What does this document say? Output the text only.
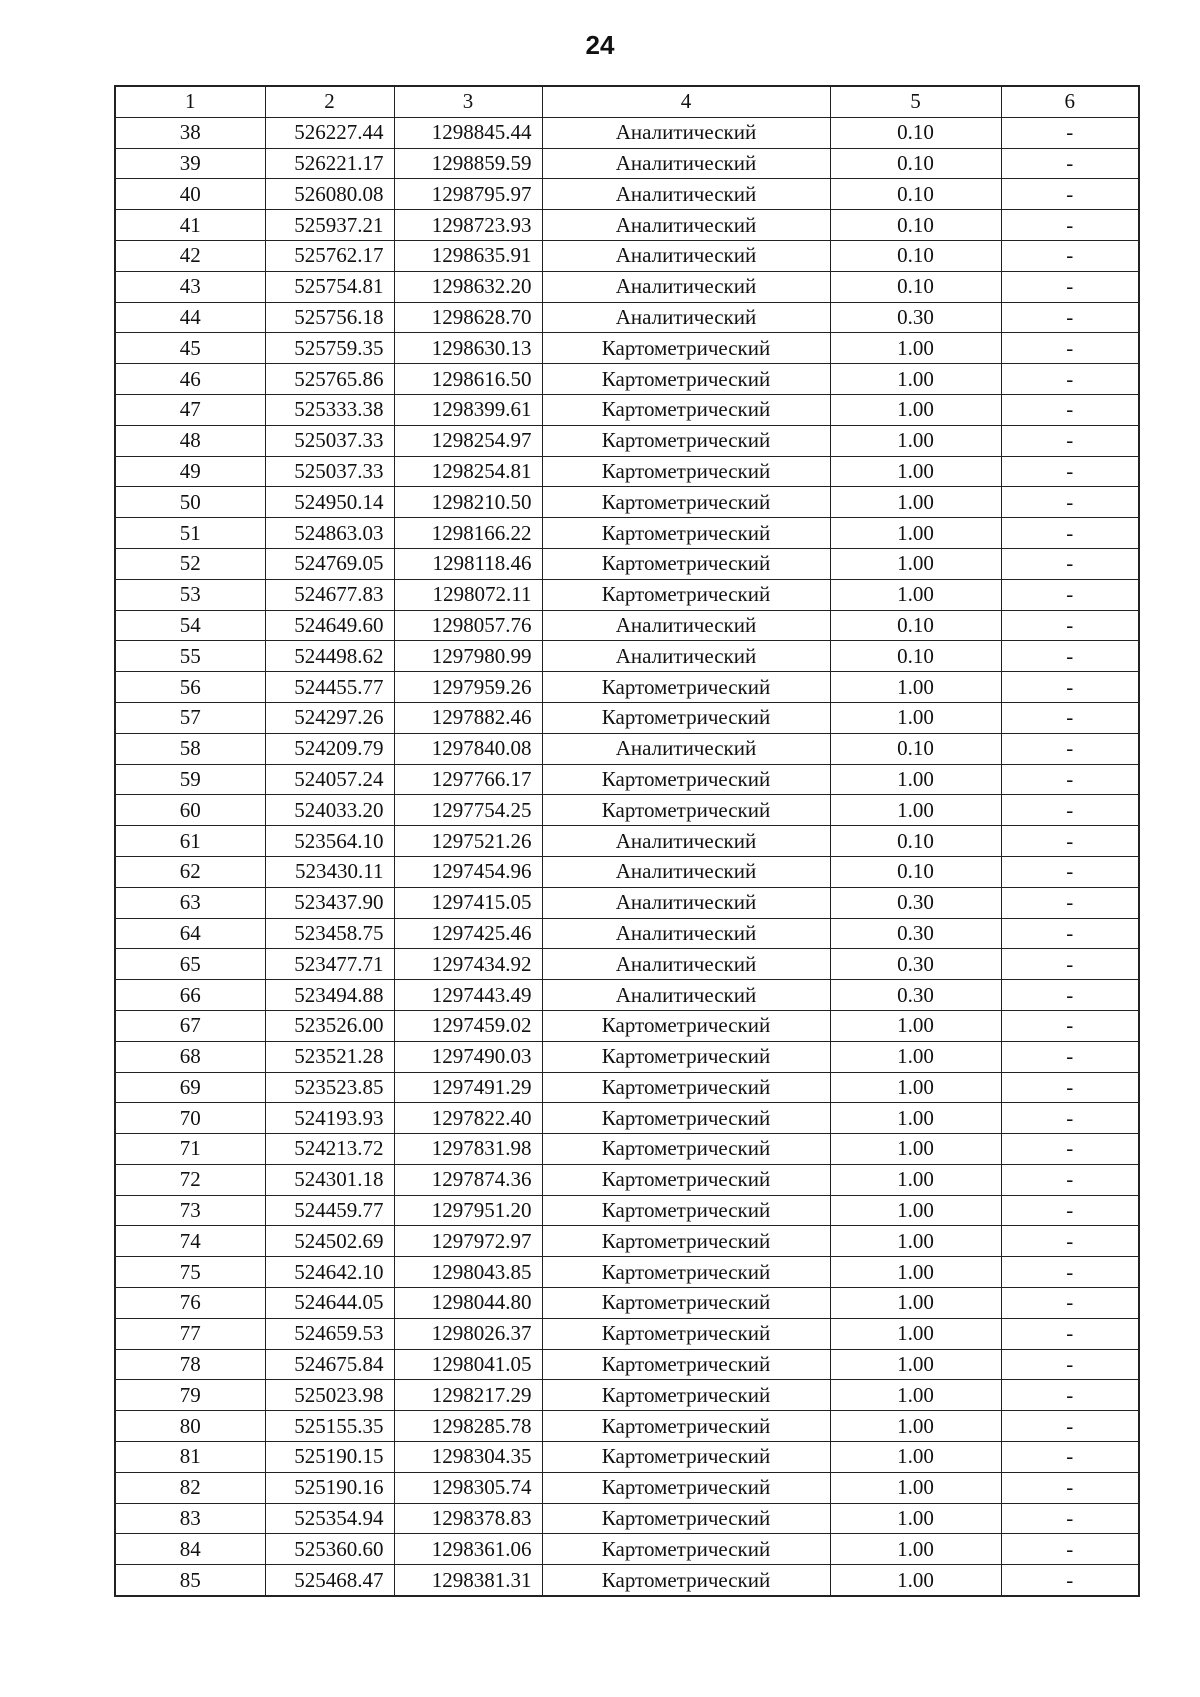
24
1	2	3	4	5	6
38	526227.44	1298845.44	Аналитический	0.10	-
39	526221.17	1298859.59	Аналитический	0.10	-
40	526080.08	1298795.97	Аналитический	0.10	-
41	525937.21	1298723.93	Аналитический	0.10	-
42	525762.17	1298635.91	Аналитический	0.10	-
43	525754.81	1298632.20	Аналитический	0.10	-
44	525756.18	1298628.70	Аналитический	0.30	-
45	525759.35	1298630.13	Картометрический	1.00	-
46	525765.86	1298616.50	Картометрический	1.00	-
47	525333.38	1298399.61	Картометрический	1.00	-
48	525037.33	1298254.97	Картометрический	1.00	-
49	525037.33	1298254.81	Картометрический	1.00	-
50	524950.14	1298210.50	Картометрический	1.00	-
51	524863.03	1298166.22	Картометрический	1.00	-
52	524769.05	1298118.46	Картометрический	1.00	-
53	524677.83	1298072.11	Картометрический	1.00	-
54	524649.60	1298057.76	Аналитический	0.10	-
55	524498.62	1297980.99	Аналитический	0.10	-
56	524455.77	1297959.26	Картометрический	1.00	-
57	524297.26	1297882.46	Картометрический	1.00	-
58	524209.79	1297840.08	Аналитический	0.10	-
59	524057.24	1297766.17	Картометрический	1.00	-
60	524033.20	1297754.25	Картометрический	1.00	-
61	523564.10	1297521.26	Аналитический	0.10	-
62	523430.11	1297454.96	Аналитический	0.10	-
63	523437.90	1297415.05	Аналитический	0.30	-
64	523458.75	1297425.46	Аналитический	0.30	-
65	523477.71	1297434.92	Аналитический	0.30	-
66	523494.88	1297443.49	Аналитический	0.30	-
67	523526.00	1297459.02	Картометрический	1.00	-
68	523521.28	1297490.03	Картометрический	1.00	-
69	523523.85	1297491.29	Картометрический	1.00	-
70	524193.93	1297822.40	Картометрический	1.00	-
71	524213.72	1297831.98	Картометрический	1.00	-
72	524301.18	1297874.36	Картометрический	1.00	-
73	524459.77	1297951.20	Картометрический	1.00	-
74	524502.69	1297972.97	Картометрический	1.00	-
75	524642.10	1298043.85	Картометрический	1.00	-
76	524644.05	1298044.80	Картометрический	1.00	-
77	524659.53	1298026.37	Картометрический	1.00	-
78	524675.84	1298041.05	Картометрический	1.00	-
79	525023.98	1298217.29	Картометрический	1.00	-
80	525155.35	1298285.78	Картометрический	1.00	-
81	525190.15	1298304.35	Картометрический	1.00	-
82	525190.16	1298305.74	Картометрический	1.00	-
83	525354.94	1298378.83	Картометрический	1.00	-
84	525360.60	1298361.06	Картометрический	1.00	-
85	525468.47	1298381.31	Картометрический	1.00	-
